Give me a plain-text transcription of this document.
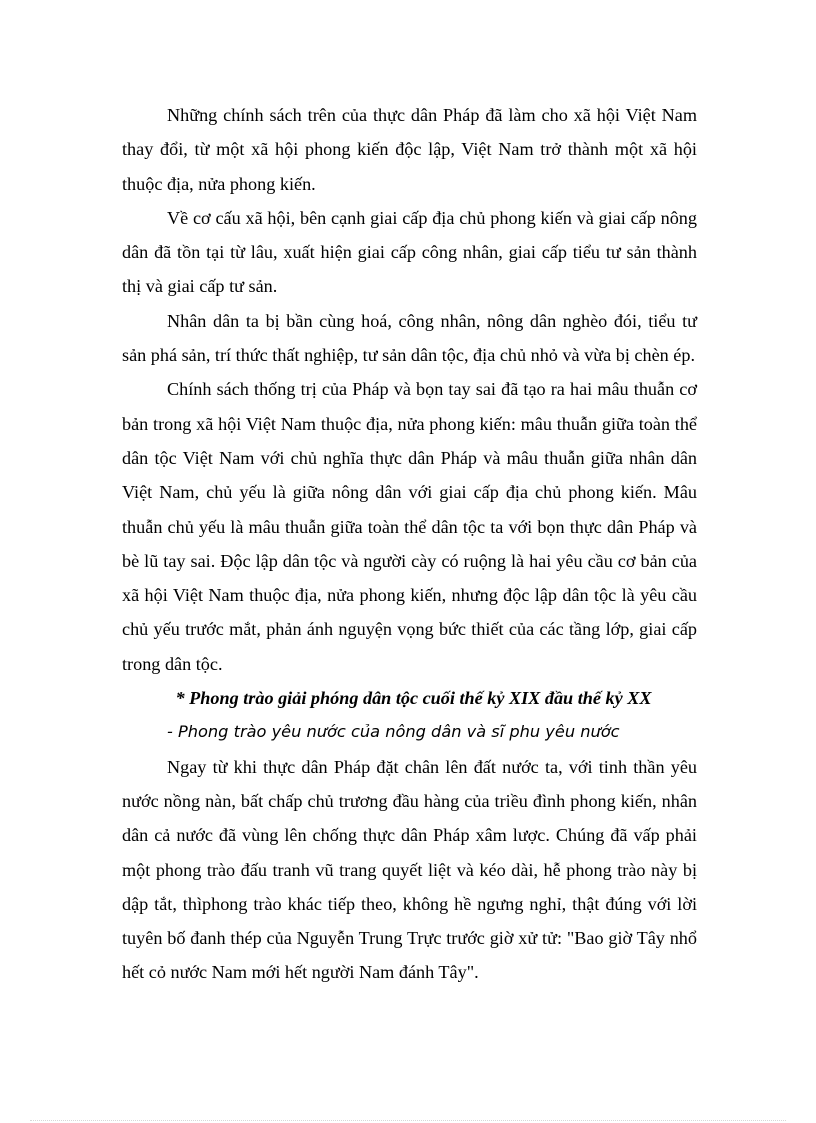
Những chính sách trên của thực dân Pháp đã làm cho xã hội Việt Nam thay đổi, từ một xã hội phong kiến độc lập, Việt Nam trở thành một xã hội thuộc địa, nửa phong kiến.

Về cơ cấu xã hội, bên cạnh giai cấp địa chủ phong kiến và giai cấp nông dân đã tồn tại từ lâu, xuất hiện giai cấp công nhân, giai cấp tiểu tư sản thành thị và giai cấp tư sản.

Nhân dân ta bị bần cùng hoá, công nhân, nông dân nghèo đói, tiểu tư sản phá sản, trí thức thất nghiệp, tư sản dân tộc, địa chủ nhỏ và vừa bị chèn ép.

Chính sách thống trị của Pháp và bọn tay sai đã tạo ra hai mâu thuẫn cơ bản trong xã hội Việt Nam thuộc địa, nửa phong kiến: mâu thuẫn giữa toàn thể dân tộc Việt Nam với chủ nghĩa thực dân Pháp và mâu thuẫn giữa nhân dân Việt Nam, chủ yếu là giữa nông dân với giai cấp địa chủ phong kiến. Mâu thuẫn chủ yếu là mâu thuẫn giữa toàn thể dân tộc ta với bọn thực dân Pháp và bè lũ tay sai. Độc lập dân tộc và người cày có ruộng là hai yêu cầu cơ bản của xã hội Việt Nam thuộc địa, nửa phong kiến, nhưng độc lập dân tộc là yêu cầu chủ yếu trước mắt, phản ánh nguyện vọng bức thiết của các tầng lớp, giai cấp trong dân tộc.

* Phong trào giải phóng dân tộc cuối thế kỷ XIX đầu thế kỷ XX

- Phong trào yêu nước của nông dân và sĩ phu yêu nước

Ngay từ khi thực dân Pháp đặt chân lên đất nước ta, với tinh thần yêu nước nồng nàn, bất chấp chủ trương đầu hàng của triều đình phong kiến, nhân dân cả nước đã vùng lên chống thực dân Pháp xâm lược. Chúng đã vấp phải một phong trào đấu tranh vũ trang quyết liệt và kéo dài, hễ phong trào này bị dập tắt, thìphong trào khác tiếp theo, không hề ngưng nghỉ, thật đúng với lời tuyên bố đanh thép của Nguyễn Trung Trực trước giờ xử tử: "Bao giờ Tây nhổ hết cỏ nước Nam mới hết người Nam đánh Tây".
